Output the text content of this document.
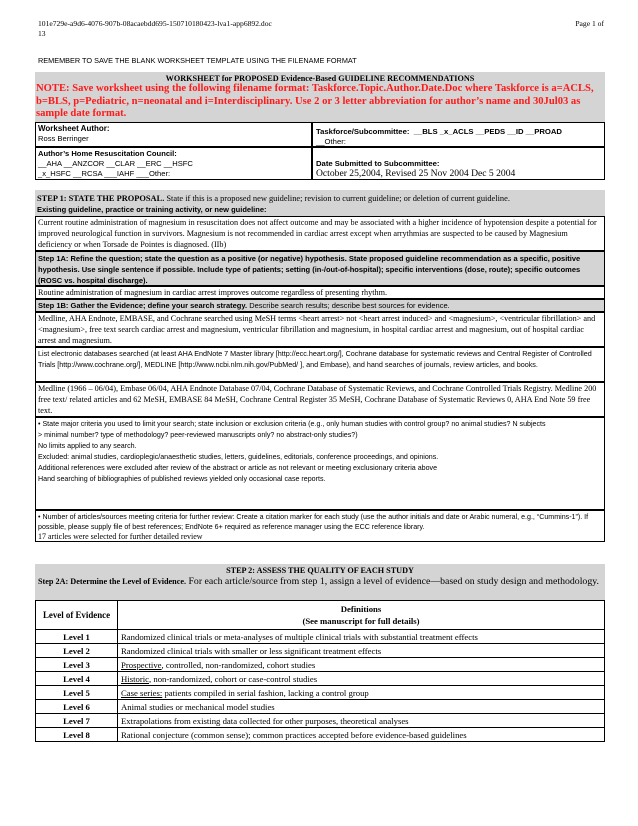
101e729e-a9d6-4076-907b-08acaebdd695-150710180423-lva1-app6892.doc	Page 1 of
13
REMEMBER TO SAVE THE BLANK WORKSHEET TEMPLATE USING THE FILENAME FORMAT
WORKSHEET for PROPOSED Evidence-Based GUIDELINE RECOMMENDATIONS
NOTE: Save worksheet using the following filename format: Taskforce.Topic.Author.Date.Doc where Taskforce is a=ACLS, b=BLS, p=Pediatric, n=neonatal and i=Interdisciplinary. Use 2 or 3 letter abbreviation for author’s name and 30Jul03 as sample date format.
Worksheet Author:
Ross Berringer
Taskforce/Subcommittee: __BLS _x_ACLS __PEDS __ID __PROAD
__Other:
Author’s Home Resuscitation Council:
__AHA __ANZCOR __CLAR __ERC __HSFC
_x_HSFC __RCSA ___IAHF ___Other:
Date Submitted to Subcommittee:
October 25,2004, Revised 25 Nov 2004 Dec 5 2004
STEP 1: STATE THE PROPOSAL. State if this is a proposed new guideline; revision to current guideline; or deletion of current guideline.
Existing guideline, practice or training activity, or new guideline:
Current routine administration of magnesium in resuscitation does not affect outcome and may be associated with a higher incidence of hypotension despite a potential for improved neurological function in survivors. Magnesium is not recommended in cardiac arrest except when arrythmias are suspected to be caused by Magnesium deficiency or when Torsade de Pointes is diagnosed. (IIb)
Step 1A: Refine the question; state the question as a positive (or negative) hypothesis. State proposed guideline recommendation as a specific, positive hypothesis. Use single sentence if possible. Include type of patients; setting (in-/out-of-hospital); specific interventions (dose, route); specific outcomes (ROSC vs. hospital discharge).
Routine administration of magnesium in cardiac arrest improves outcome regardless of presenting rhythm.
Step 1B: Gather the Evidence; define your search strategy. Describe search results; describe best sources for evidence.
Medline, AHA Endnote, EMBASE, and Cochrane searched using MeSH terms <heart arrest> not <heart arrest induced> and <magnesium>, <ventricular fibrillation> and <magnesium>, free text search cardiac arrest and magnesium, ventricular fibrillation and magnesium, in hospital cardiac arrest and magnesium, out of hospital cardiac arrest and magnesium.
List electronic databases searched (at least AHA EndNote 7 Master library [http://ecc.heart.org/], Cochrane database for systematic reviews and Central Register of Controlled Trials [http://www.cochrane.org/], MEDLINE [http://www.ncbi.nlm.nih.gov/PubMed/ ], and Embase), and hand searches of journals, review articles, and books.
Medline (1966 – 06/04), Embase 06/04, AHA Endnote Database 07/04, Cochrane Database of Systematic Reviews, and Cochrane Controlled Trials Registry. Medline 200 free text/ related articles and 62 MeSH, EMBASE 84 MeSH, Cochrane Central Register 35 MeSH, Cochrane Database of Systematic Reviews 0, AHA End Note 59 free text.
• State major criteria you used to limit your search; state inclusion or exclusion criteria (e.g., only human studies with control group? no animal studies? N subjects
> minimal number? type of methodology? peer-reviewed manuscripts only? no abstract-only studies?)
No limits applied to any search.
Excluded: animal studies, cardioplegic/anaesthetic studies, letters, guidelines, editorials, conference proceedings, and opinions.
Additional references were excluded after review of the abstract or article as not relevant or meeting exclusionary criteria above
Hand searching of bibliographies of published reviews yielded only occasional case reports.
• Number of articles/sources meeting criteria for further review: Create a citation marker for each study (use the author initials and date or Arabic numeral, e.g., “Cummins-1”). If possible, please supply file of best references; EndNote 6+ required as reference manager using the ECC reference library.
17 articles were selected for further detailed review
STEP 2: ASSESS THE QUALITY OF EACH STUDY
Step 2A: Determine the Level of Evidence. For each article/source from step 1, assign a level of evidence—based on study design and methodology.
Level of Evidence	Definitions
(See manuscript for full details)

Level 1	Randomized clinical trials or meta-analyses of multiple clinical trials with substantial treatment effects
Level 2	Randomized clinical trials with smaller or less significant treatment effects
Level 3	Prospective, controlled, non-randomized, cohort studies
Level 4	Historic, non-randomized, cohort or case-control studies
Level 5	Case series: patients compiled in serial fashion, lacking a control group
Level 6	Animal studies or mechanical model studies
Level 7	Extrapolations from existing data collected for other purposes, theoretical analyses
Level 8	Rational conjecture (common sense); common practices accepted before evidence-based guidelines
